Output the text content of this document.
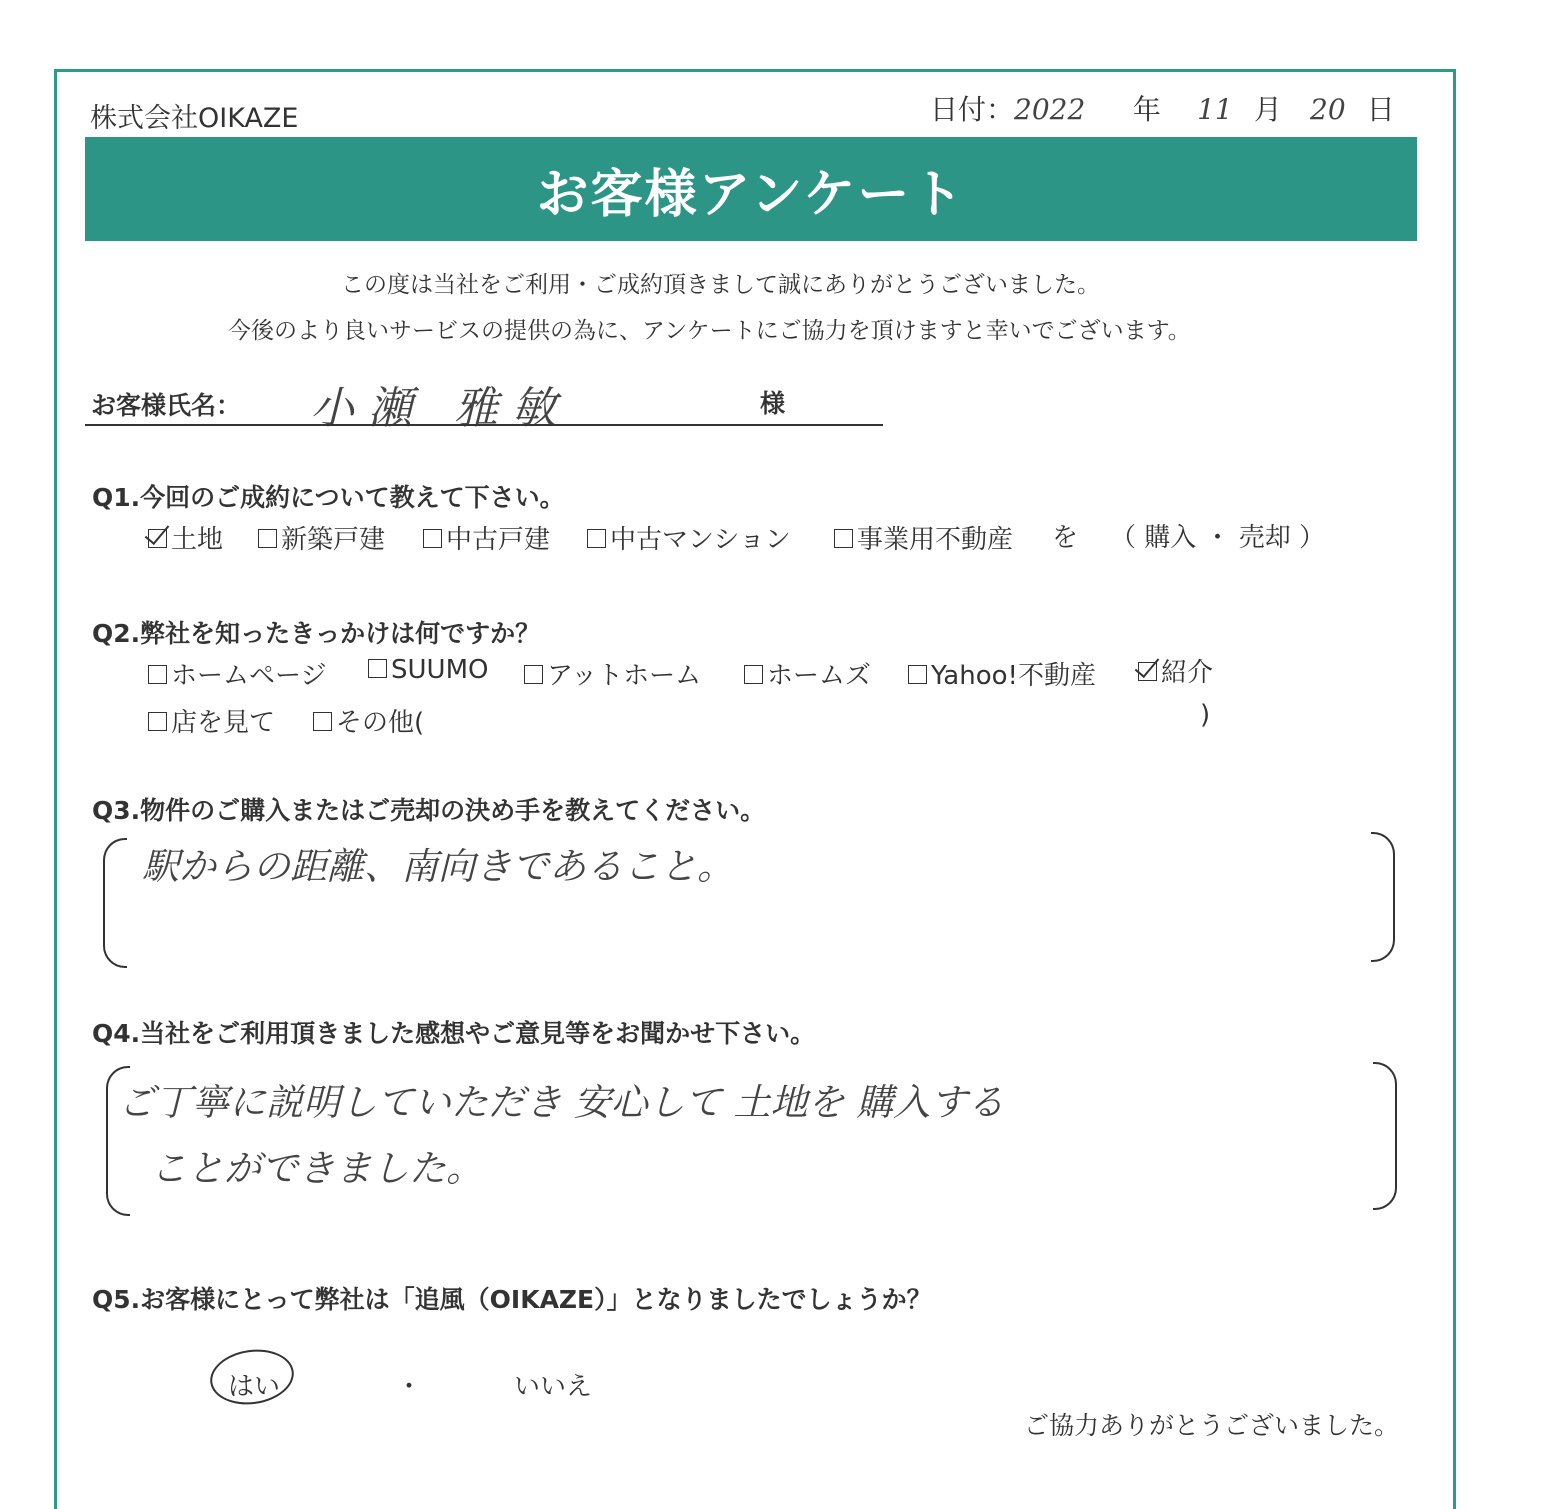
株式会社OIKAZE	日付：2022 年 11 月 20 日
お客様アンケート
この度は当社をご利用・ご成約頂きまして誠にありがとうございました。
今後のより良いサービスの提供の為に、アンケートにご協力を頂けますと幸いでございます。
お客様氏名： 小瀬 雅敏	様
Q1.今回のご成約について教えて下さい。
土地	新築戸建	中古戸建	中古マンション	事業用不動産 を （ 購入 ・ 売却 ）
Q2.弊社を知ったきっかけは何ですか？
ホームページ	SUUMO	アットホーム	ホームズ	Yahoo!不動産	紹介
店を見て	その他(	)
Q3.物件のご購入またはご売却の決め手を教えてください。
駅からの距離、南向きであること。
Q4.当社をご利用頂きました感想やご意見等をお聞かせ下さい。
ご丁寧に説明していただき 安心して 土地を 購入する
ことができました。
Q5.お客様にとって弊社は「追風（OIKAZE）」となりましたでしょうか？
はい	・	いいえ
ご協力ありがとうございました。
